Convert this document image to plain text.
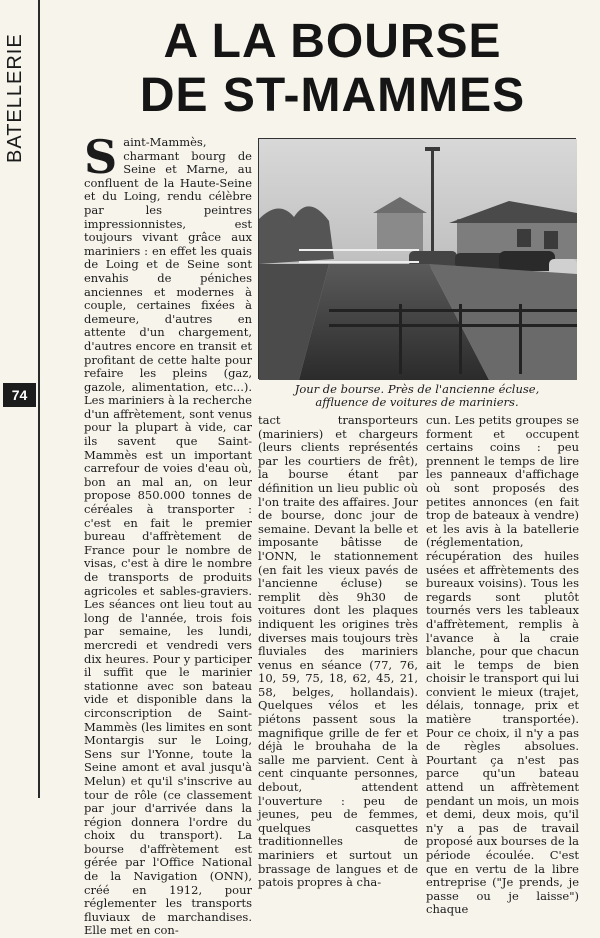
BATELLERIE
74
A LA BOURSE
DE ST-MAMMES
Saint-Mammès, charmant bourg de Seine et Marne, au confluent de la Haute-Seine et du Loing, rendu célèbre par les peintres impressionnistes, est toujours vivant grâce aux mariniers : en effet les quais de Loing et de Seine sont envahis de péniches anciennes et modernes à couple, certaines fixées à demeure, d'autres en attente d'un chargement, d'autres encore en transit et profitant de cette halte pour refaire les pleins (gaz, gazole, alimentation, etc...). Les mariniers à la recherche d'un affrètement, sont venus pour la plupart à vide, car ils savent que Saint-Mammès est un important carrefour de voies d'eau où, bon an mal an, on leur propose 850.000 tonnes de céréales à transporter : c'est en fait le premier bureau d'affrètement de France pour le nombre de visas, c'est à dire le nombre de transports de produits agricoles et sables-graviers. Les séances ont lieu tout au long de l'année, trois fois par semaine, les lundi, mercredi et vendredi vers dix heures. Pour y participer il suffit que le marinier stationne avec son bateau vide et disponible dans la circonscription de Saint-Mammès (les limites en sont Montargis sur le Loing, Sens sur l'Yonne, toute la Seine amont et aval jusqu'à Melun) et qu'il s'inscrive au tour de rôle (ce classement par jour d'arrivée dans la région donnera l'ordre du choix du transport). La bourse d'affrètement est gérée par l'Office National de la Navigation (ONN), créé en 1912, pour réglementer les transports fluviaux de marchandises. Elle met en con-
Jour de bourse. Près de l'ancienne écluse,
affluence de voitures de mariniers.
tact transporteurs (mariniers) et chargeurs (leurs clients représentés par les courtiers de frêt), la bourse étant par définition un lieu public où l'on traite des affaires. Jour de bourse, donc jour de semaine. Devant la belle et imposante bâtisse de l'ONN, le stationnement (en fait les vieux pavés de l'ancienne écluse) se remplit dès 9h30 de voitures dont les plaques indiquent les origines très diverses mais toujours très fluviales des mariniers venus en séance (77, 76, 10, 59, 75, 18, 62, 45, 21, 58, belges, hollandais). Quelques vélos et les piétons passent sous la magnifique grille de fer et déjà le brouhaha de la salle me parvient. Cent à cent cinquante personnes, debout, attendent l'ouverture : peu de jeunes, peu de femmes, quelques casquettes traditionnelles de mariniers et surtout un brassage de langues et de patois propres à cha-
cun. Les petits groupes se forment et occupent certains coins : peu prennent le temps de lire les panneaux d'affichage où sont proposés des petites annonces (en fait trop de bateaux à vendre) et les avis à la batellerie (réglementation, récupération des huiles usées et affrètements des bureaux voisins). Tous les regards sont plutôt tournés vers les tableaux d'affrètement, remplis à l'avance à la craie blanche, pour que chacun ait le temps de bien choisir le transport qui lui convient le mieux (trajet, délais, tonnage, prix et matière transportée). Pour ce choix, il n'y a pas de règles absolues. Pourtant ça n'est pas parce qu'un bateau attend un affrètement pendant un mois, un mois et demi, deux mois, qu'il n'y a pas de travail proposé aux bourses de la période écoulée. C'est que en vertu de la libre entreprise ("Je prends, je passe ou je laisse") chaque
